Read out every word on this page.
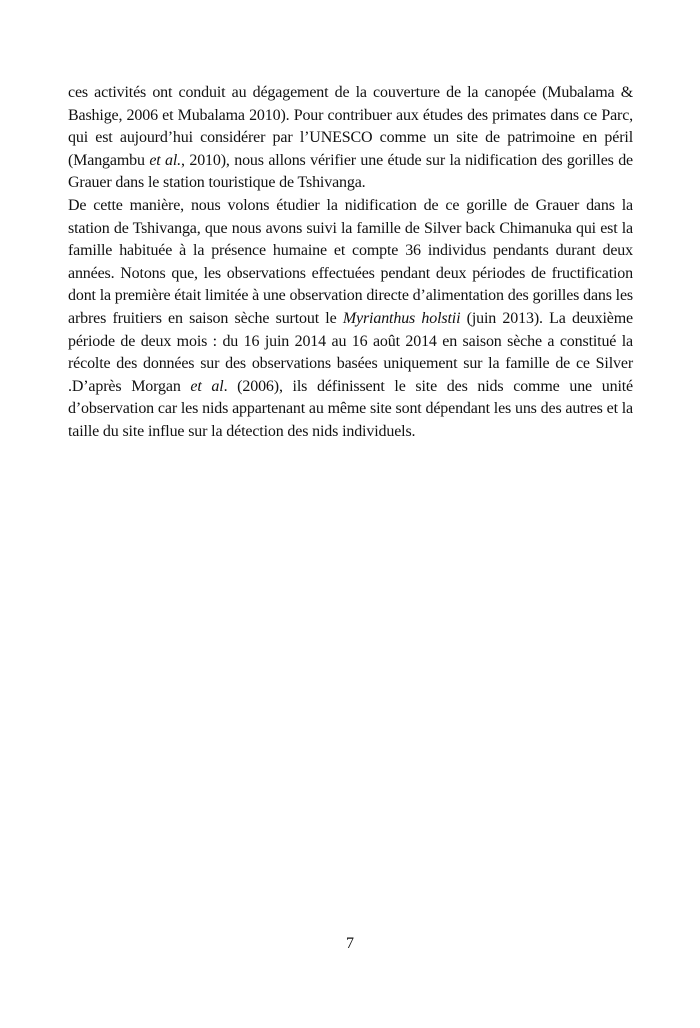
ces activités ont conduit au dégagement de la couverture de la canopée (Mubalama & Bashige, 2006 et Mubalama 2010). Pour contribuer aux études des primates dans ce Parc, qui est aujourd’hui considérer par l’UNESCO comme un site de patrimoine en péril (Mangambu et al., 2010), nous allons vérifier une étude sur la nidification des gorilles de Grauer dans le station touristique de Tshivanga.

De cette manière, nous volons étudier la nidification de ce gorille de Grauer dans la station de Tshivanga, que nous avons suivi la famille de Silver back Chimanuka qui est la famille habituée à la présence humaine et compte 36 individus pendants durant deux années. Notons que, les observations effectuées pendant deux périodes de fructification dont la première était limitée à une observation directe d’alimentation des gorilles dans les arbres fruitiers en saison sèche surtout le Myrianthus holstii (juin 2013). La deuxième période de deux mois : du 16 juin 2014 au 16 août 2014 en saison sèche a constitué la récolte des données sur des observations basées uniquement sur la famille de ce Silver .D’après Morgan et al. (2006), ils définissent le site des nids comme une unité d’observation car les nids appartenant au même site sont dépendant les uns des autres et la taille du site influe sur la détection des nids individuels.

7
